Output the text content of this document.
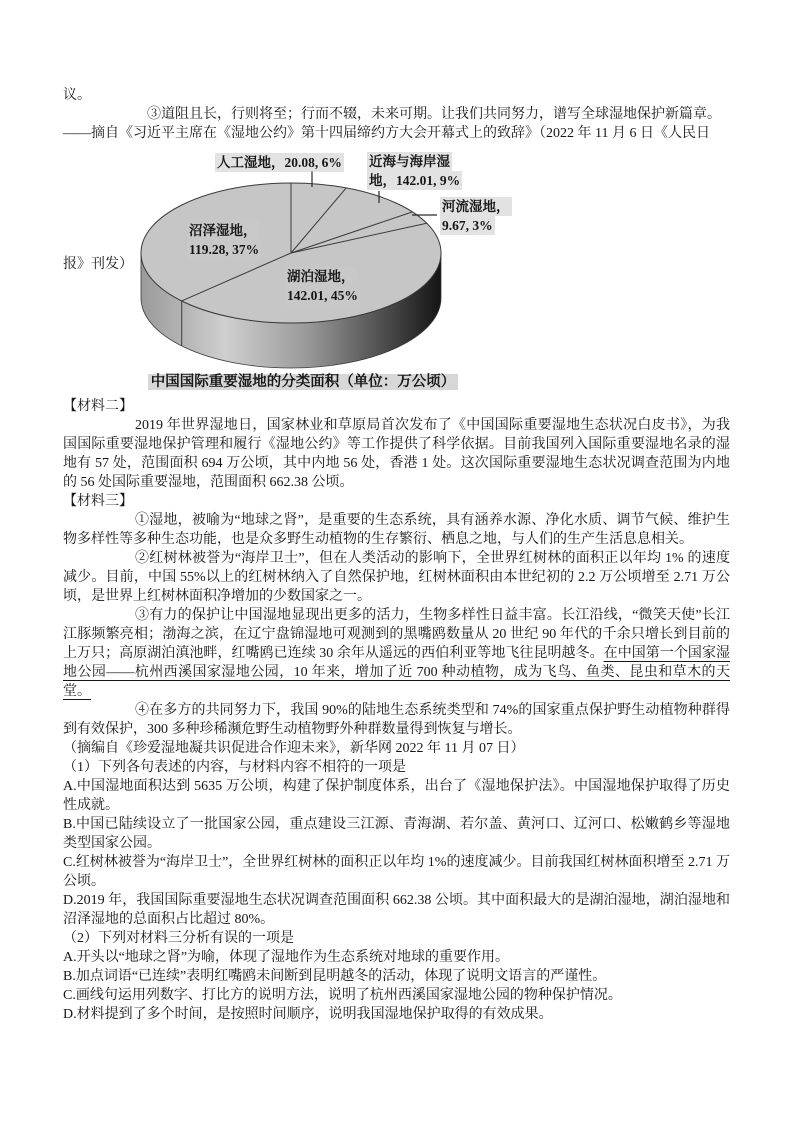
议。

③道阻且长，行则将至；行而不辍，未来可期。让我们共同努力，谱写全球湿地保护新篇章。

——摘自《习近平主席在《湿地公约》第十四届缔约方大会开幕式上的致辞》（2022 年 11 月 6 日《人民日

报》刊发）
人工湿地，20.08, 6% 近海与海岸湿
地，142.01, 9%
河流湿地，
9.67, 3%
沼泽湿地，
119.28, 37%
湖泊湿地，
142.01, 45%
中国国际重要湿地的分类面积（单位：万公顷）

【材料二】

2019 年世界湿地日，国家林业和草原局首次发布了《中国国际重要湿地生态状况白皮书》，为我国国际重要湿地保护管理和履行《湿地公约》等工作提供了科学依据。目前我国列入国际重要湿地名录的湿地有 57 处，范围面积 694 万公顷，其中内地 56 处，香港 1 处。这次国际重要湿地生态状况调查范围为内地的 56 处国际重要湿地，范围面积 662.38 公顷。

【材料三】

①湿地，被喻为“地球之肾”，是重要的生态系统，具有涵养水源、净化水质、调节气候、维护生物多样性等多种生态功能，也是众多野生动植物的生存繁衍、栖息之地，与人们的生产生活息息相关。

②红树林被誉为“海岸卫士”，但在人类活动的影响下，全世界红树林的面积正以年均 1% 的速度减少。目前，中国 55%以上的红树林纳入了自然保护地，红树林面积由本世纪初的 2.2 万公顷增至 2.71 万公顷，是世界上红树林面积净增加的少数国家之一。

③有力的保护让中国湿地显现出更多的活力，生物多样性日益丰富。长江沿线，“微笑天使”长江江豚频繁亮相；渤海之滨，在辽宁盘锦湿地可观测到的黑嘴鸥数量从 20 世纪 90 年代的千余只增长到目前的上万只；高原湖泊滇池畔，红嘴鸥已连续 30 余年从遥远的西伯利亚等地飞往昆明越冬。在中国第一个国家湿地公园——杭州西溪国家湿地公园，10 年来，增加了近 700 种动植物，成为飞鸟、鱼类、昆虫和草木的天堂。

④在多方的共同努力下，我国 90%的陆地生态系统类型和 74%的国家重点保护野生动植物种群得到有效保护，300 多种珍稀濒危野生动植物野外种群数量得到恢复与增长。

（摘编自《珍爱湿地凝共识促进合作迎未来》，新华网 2022 年 11 月 07 日）

（1）下列各句表述的内容，与材料内容不相符的一项是

A.中国湿地面积达到 5635 万公顷，构建了保护制度体系，出台了《湿地保护法》。中国湿地保护取得了历史性成就。

B.中国已陆续设立了一批国家公园，重点建设三江源、青海湖、若尔盖、黄河口、辽河口、松嫩鹤乡等湿地类型国家公园。

C.红树林被誉为“海岸卫士”，全世界红树林的面积正以年均 1%的速度减少。目前我国红树林面积增至 2.71 万公顷。

D.2019 年，我国国际重要湿地生态状况调查范围面积 662.38 公顷。其中面积最大的是湖泊湿地，湖泊湿地和沼泽湿地的总面积占比超过 80%。

（2）下列对材料三分析有误的一项是

A.开头以“地球之肾”为喻，体现了湿地作为生态系统对地球的重要作用。

B.加点词语“已连续”表明红嘴鸥未间断到昆明越冬的活动，体现了说明文语言的严谨性。

C.画线句运用列数字、打比方的说明方法，说明了杭州西溪国家湿地公园的物种保护情况。

D.材料提到了多个时间，是按照时间顺序，说明我国湿地保护取得的有效成果。
